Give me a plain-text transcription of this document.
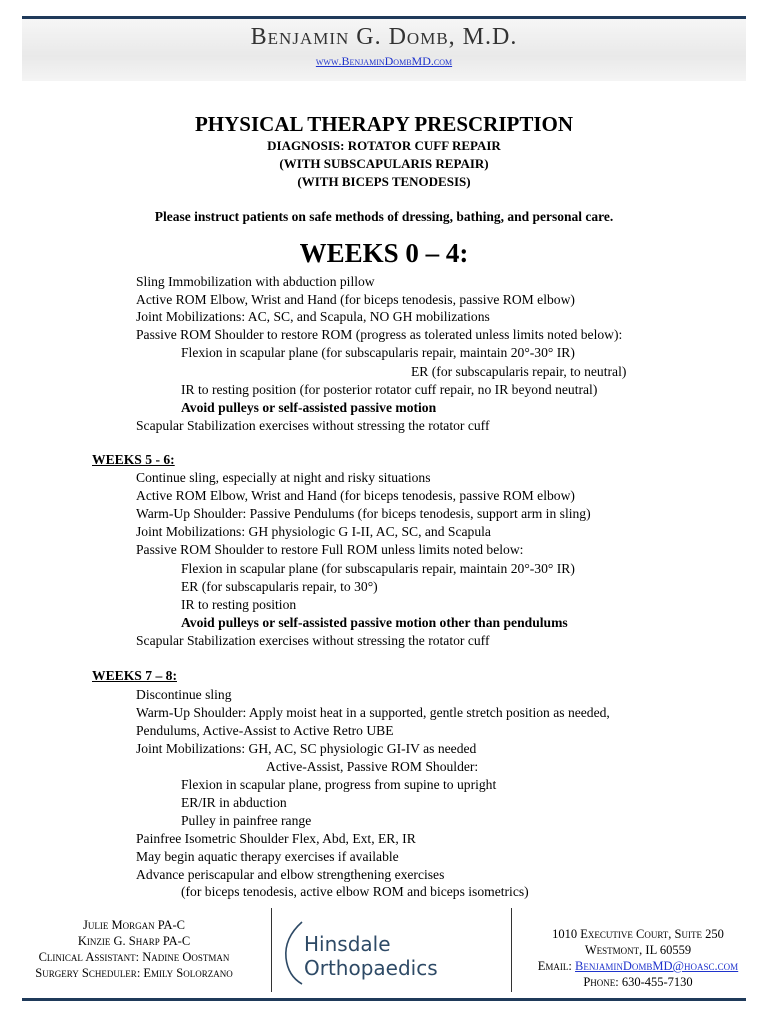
Benjamin G. Domb, M.D.
www.BenjaminDombMD.com
PHYSICAL THERAPY PRESCRIPTION
DIAGNOSIS: ROTATOR CUFF REPAIR
(WITH SUBSCAPULARIS REPAIR)
(WITH BICEPS TENODESIS)
Please instruct patients on safe methods of dressing, bathing, and personal care.
WEEKS 0 – 4:
Sling Immobilization with abduction pillow
Active ROM Elbow, Wrist and Hand (for biceps tenodesis, passive ROM elbow)
Joint Mobilizations: AC, SC, and Scapula, NO GH mobilizations
Passive ROM Shoulder to restore ROM (progress as tolerated unless limits noted below):
Flexion in scapular plane (for subscapularis repair, maintain 20°-30° IR)
ER (for subscapularis repair, to neutral)
IR to resting position (for posterior rotator cuff repair, no IR beyond neutral)
Avoid pulleys or self-assisted passive motion
Scapular Stabilization exercises without stressing the rotator cuff
WEEKS 5 - 6:
Continue sling, especially at night and risky situations
Active ROM Elbow, Wrist and Hand (for biceps tenodesis, passive ROM elbow)
Warm-Up Shoulder: Passive Pendulums (for biceps tenodesis, support arm in sling)
Joint Mobilizations: GH physiologic G I-II, AC, SC, and Scapula
Passive ROM Shoulder to restore Full ROM unless limits noted below:
Flexion in scapular plane (for subscapularis repair, maintain 20°-30° IR)
ER (for subscapularis repair, to 30°)
IR to resting position
Avoid pulleys or self-assisted passive motion other than pendulums
Scapular Stabilization exercises without stressing the rotator cuff
WEEKS 7 – 8:
Discontinue sling
Warm-Up Shoulder: Apply moist heat in a supported, gentle stretch position as needed,
Pendulums, Active-Assist to Active Retro UBE
Joint Mobilizations: GH, AC, SC physiologic GI-IV as needed
Active-Assist, Passive ROM Shoulder:
Flexion in scapular plane, progress from supine to upright
ER/IR in abduction
Pulley in painfree range
Painfree Isometric Shoulder Flex, Abd, Ext, ER, IR
May begin aquatic therapy exercises if available
Advance periscapular and elbow strengthening exercises
(for biceps tenodesis, active elbow ROM and biceps isometrics)
Julie Morgan PA-C
Kinzie G. Sharp PA-C
Clinical Assistant: Nadine Oostman
Surgery Scheduler: Emily Solorzano
Hinsdale
Orthopaedics
1010 Executive Court, Suite 250
Westmont, IL 60559
Email: BenjaminDombMD@hoasc.com
Phone: 630-455-7130
